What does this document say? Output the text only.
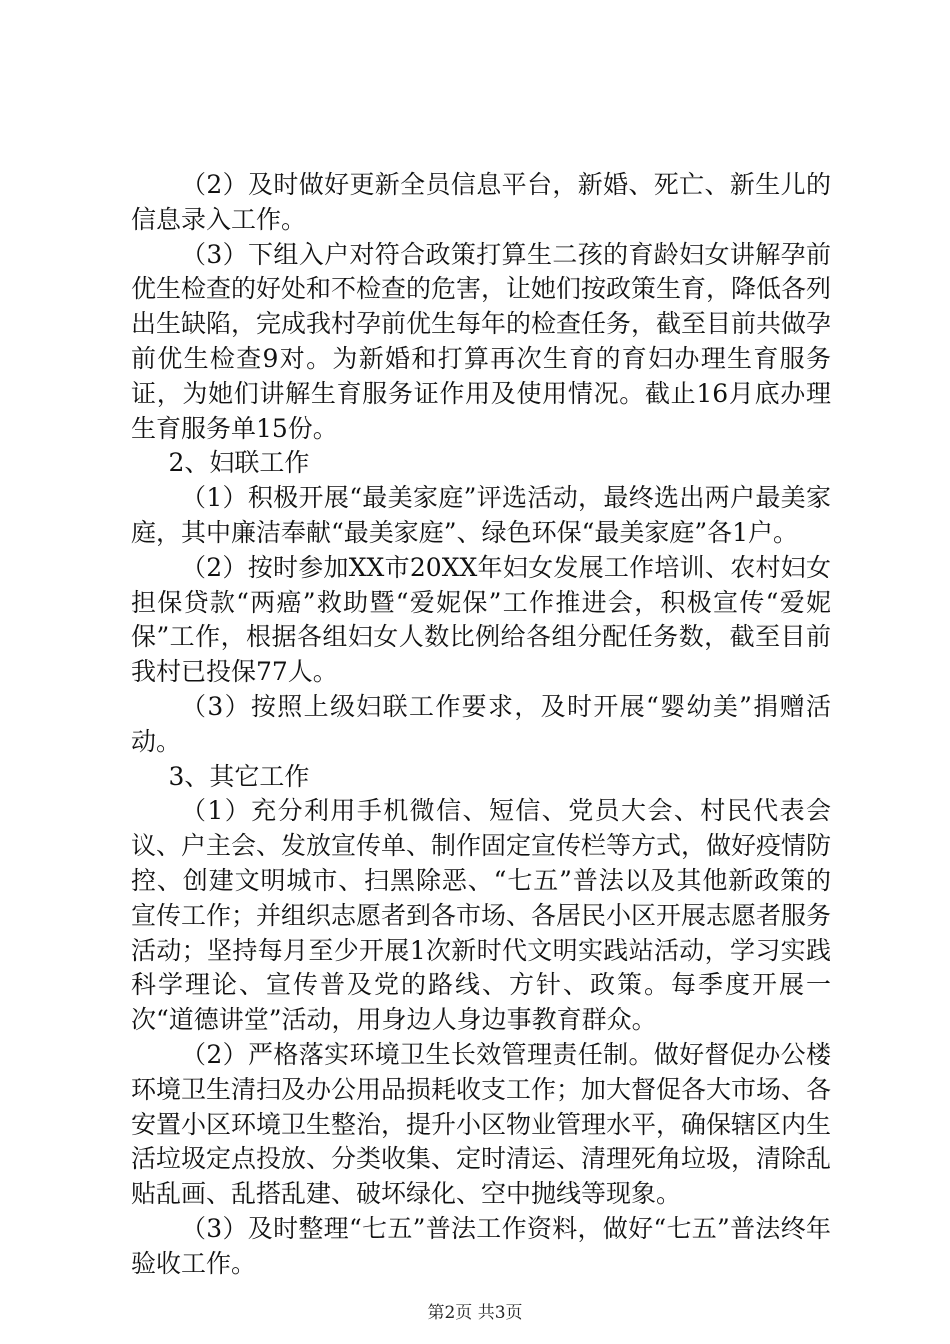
（2）及时做好更新全员信息平台，新婚、死亡、新生儿的信息录入工作。

（3）下组入户对符合政策打算生二孩的育龄妇女讲解孕前优生检查的好处和不检查的危害，让她们按政策生育，降低各列出生缺陷，完成我村孕前优生每年的检查任务，截至目前共做孕前优生检查9对。为新婚和打算再次生育的育妇办理生育服务证，为她们讲解生育服务证作用及使用情况。截止16月底办理生育服务单15份。

2、妇联工作

（1）积极开展“最美家庭”评选活动，最终选出两户最美家庭，其中廉洁奉献“最美家庭”、绿色环保“最美家庭”各1户。

（2）按时参加XX市20XX年妇女发展工作培训、农村妇女担保贷款“两癌”救助暨“爱妮保”工作推进会，积极宣传“爱妮保”工作，根据各组妇女人数比例给各组分配任务数，截至目前我村已投保77人。

（3）按照上级妇联工作要求，及时开展“婴幼美”捐赠活动。

3、其它工作

（1）充分利用手机微信、短信、党员大会、村民代表会议、户主会、发放宣传单、制作固定宣传栏等方式，做好疫情防控、创建文明城市、扫黑除恶、“七五”普法以及其他新政策的宣传工作；并组织志愿者到各市场、各居民小区开展志愿者服务活动；坚持每月至少开展1次新时代文明实践站活动，学习实践科学理论、宣传普及党的路线、方针、政策。每季度开展一次“道德讲堂”活动，用身边人身边事教育群众。

（2）严格落实环境卫生长效管理责任制。做好督促办公楼环境卫生清扫及办公用品损耗收支工作；加大督促各大市场、各安置小区环境卫生整治，提升小区物业管理水平，确保辖区内生活垃圾定点投放、分类收集、定时清运、清理死角垃圾，清除乱贴乱画、乱搭乱建、破坏绿化、空中抛线等现象。

（3）及时整理“七五”普法工作资料，做好“七五”普法终年验收工作。

第2页 共3页
